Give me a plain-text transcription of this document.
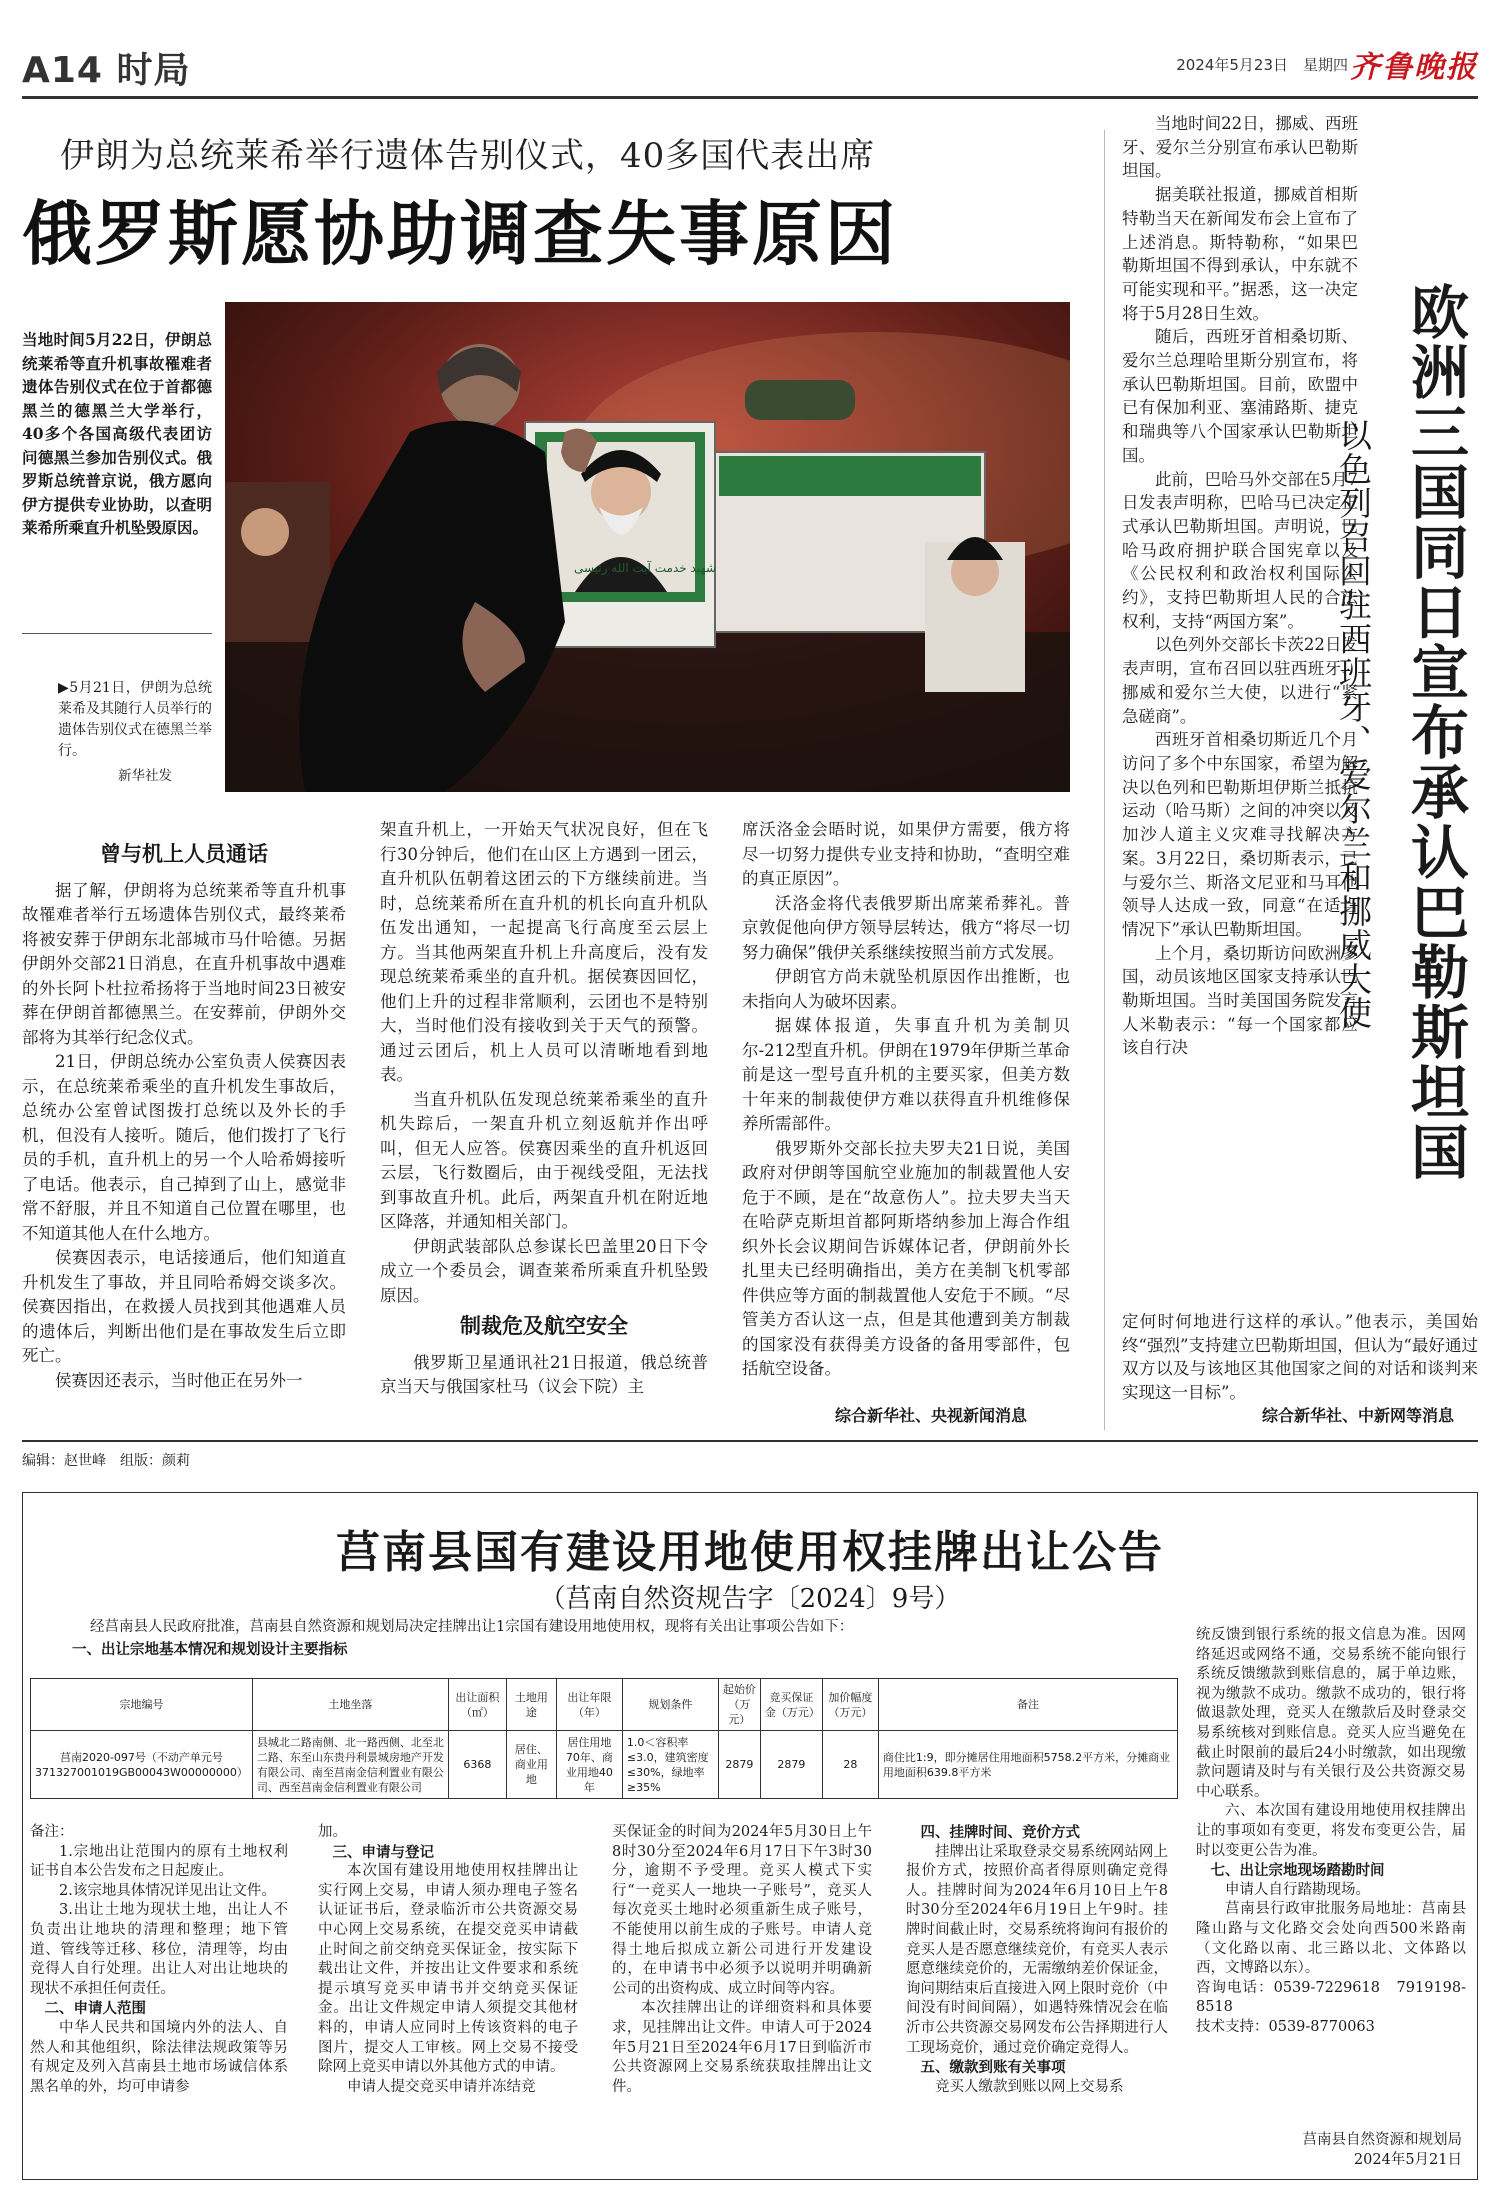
A14 时局	2024年5月23日　星期四 齐鲁晚报
伊朗为总统莱希举行遗体告别仪式，40多国代表出席
俄罗斯愿协助调查失事原因
شهید خدمت آیت الله رئیسی
当地时间5月22日，伊朗总统莱希等直升机事故罹难者遗体告别仪式在位于首都德黑兰的德黑兰大学举行，40多个各国高级代表团访问德黑兰参加告别仪式。俄罗斯总统普京说，俄方愿向伊方提供专业协助，以查明莱希所乘直升机坠毁原因。
▶5月21日，伊朗为总统莱希及其随行人员举行的遗体告别仪式在德黑兰举行。
新华社发

曾与机上人员通话

据了解，伊朗将为总统莱希等直升机事故罹难者举行五场遗体告别仪式，最终莱希将被安葬于伊朗东北部城市马什哈德。另据伊朗外交部21日消息，在直升机事故中遇难的外长阿卜杜拉希扬将于当地时间23日被安葬在伊朗首都德黑兰。在安葬前，伊朗外交部将为其举行纪念仪式。

21日，伊朗总统办公室负责人侯赛因表示，在总统莱希乘坐的直升机发生事故后，总统办公室曾试图拨打总统以及外长的手机，但没有人接听。随后，他们拨打了飞行员的手机，直升机上的另一个人哈希姆接听了电话。他表示，自己掉到了山上，感觉非常不舒服，并且不知道自己位置在哪里，也不知道其他人在什么地方。

侯赛因表示，电话接通后，他们知道直升机发生了事故，并且同哈希姆交谈多次。侯赛因指出，在救援人员找到其他遇难人员的遗体后，判断出他们是在事故发生后立即死亡。

侯赛因还表示，当时他正在另外一

架直升机上，一开始天气状况良好，但在飞行30分钟后，他们在山区上方遇到一团云，直升机队伍朝着这团云的下方继续前进。当时，总统莱希所在直升机的机长向直升机队伍发出通知，一起提高飞行高度至云层上方。当其他两架直升机上升高度后，没有发现总统莱希乘坐的直升机。据侯赛因回忆，他们上升的过程非常顺利，云团也不是特别大，当时他们没有接收到关于天气的预警。通过云团后，机上人员可以清晰地看到地表。

当直升机队伍发现总统莱希乘坐的直升机失踪后，一架直升机立刻返航并作出呼叫，但无人应答。侯赛因乘坐的直升机返回云层，飞行数圈后，由于视线受阻，无法找到事故直升机。此后，两架直升机在附近地区降落，并通知相关部门。

伊朗武装部队总参谋长巴盖里20日下令成立一个委员会，调查莱希所乘直升机坠毁原因。

制裁危及航空安全

俄罗斯卫星通讯社21日报道，俄总统普京当天与俄国家杜马（议会下院）主

席沃洛金会晤时说，如果伊方需要，俄方将尽一切努力提供专业支持和协助，“查明空难的真正原因”。

沃洛金将代表俄罗斯出席莱希葬礼。普京敦促他向伊方领导层转达，俄方“将尽一切努力确保”俄伊关系继续按照当前方式发展。

伊朗官方尚未就坠机原因作出推断，也未指向人为破坏因素。

据媒体报道，失事直升机为美制贝尔-212型直升机。伊朗在1979年伊斯兰革命前是这一型号直升机的主要买家，但美方数十年来的制裁使伊方难以获得直升机维修保养所需部件。

俄罗斯外交部长拉夫罗夫21日说，美国政府对伊朗等国航空业施加的制裁置他人安危于不顾，是在“故意伤人”。拉夫罗夫当天在哈萨克斯坦首都阿斯塔纳参加上海合作组织外长会议期间告诉媒体记者，伊朗前外长扎里夫已经明确指出，美方在美制飞机零部件供应等方面的制裁置他人安危于不顾。“尽管美方否认这一点，但是其他遭到美方制裁的国家没有获得美方设备的备用零部件，包括航空设备。

综合新华社、央视新闻消息

当地时间22日，挪威、西班牙、爱尔兰分别宣布承认巴勒斯坦国。

据美联社报道，挪威首相斯特勒当天在新闻发布会上宣布了上述消息。斯特勒称，“如果巴勒斯坦国不得到承认，中东就不可能实现和平。”据悉，这一决定将于5月28日生效。

随后，西班牙首相桑切斯、爱尔兰总理哈里斯分别宣布，将承认巴勒斯坦国。目前，欧盟中已有保加利亚、塞浦路斯、捷克和瑞典等八个国家承认巴勒斯坦国。

此前，巴哈马外交部在5月7日发表声明称，巴哈马已决定正式承认巴勒斯坦国。声明说，巴哈马政府拥护联合国宪章以及《公民权利和政治权利国际公约》，支持巴勒斯坦人民的合法权利，支持“两国方案”。

以色列外交部长卡茨22日发表声明，宣布召回以驻西班牙、挪威和爱尔兰大使，以进行“紧急磋商”。

西班牙首相桑切斯近几个月访问了多个中东国家，希望为解决以色列和巴勒斯坦伊斯兰抵抗运动（哈马斯）之间的冲突以及加沙人道主义灾难寻找解决方案。3月22日，桑切斯表示，已与爱尔兰、斯洛文尼亚和马耳他领导人达成一致，同意“在适当情况下”承认巴勒斯坦国。

上个月，桑切斯访问欧洲多国，动员该地区国家支持承认巴勒斯坦国。当时美国国务院发言人米勒表示：“每一个国家都应该自行决

定何时何地进行这样的承认。”他表示，美国始终“强烈”支持建立巴勒斯坦国，但认为“最好通过双方以及与该地区其他国家之间的对话和谈判来实现这一目标”。
综合新华社、中新网等消息
欧洲三国同日宣布承认巴勒斯坦国
以色列召回驻西班牙、爱尔兰和挪威大使
编辑：赵世峰　组版：颜莉
莒南县国有建设用地使用权挂牌出让公告
（莒南自然资规告字〔2024〕9号）
经莒南县人民政府批准，莒南县自然资源和规划局决定挂牌出让1宗国有建设用地使用权，现将有关出让事项公告如下：
一、出让宗地基本情况和规划设计主要指标
宗地编号	土地坐落	出让面积（㎡）	土地用途	出让年限（年）	规划条件	起始价（万元）	竞买保证金（万元）	加价幅度（万元）	备注
莒南2020-097号（不动产单元号371327001019GB00043W00000000）	县城北二路南侧、北一路西侧、北至北二路、东至山东贵丹利景城房地产开发有限公司、南至莒南金信利置业有限公司、西至莒南金信利置业有限公司	6368	居住、商业用地	居住用地70年、商业用地40年	1.0＜容积率≤3.0，建筑密度≤30%，绿地率≥35%	2879	2879	28	商住比1:9，即分摊居住用地面积5758.2平方米，分摊商业用地面积639.8平方米

备注：

1.宗地出让范围内的原有土地权利证书自本公告发布之日起废止。

2.该宗地具体情况详见出让文件。

3.出让土地为现状土地，出让人不负责出让地块的清理和整理；地下管道、管线等迁移、移位，清理等，均由竞得人自行处理。出让人对出让地块的现状不承担任何责任。

二、申请人范围

中华人民共和国境内外的法人、自然人和其他组织，除法律法规政策等另有规定及列入莒南县土地市场诚信体系黑名单的外，均可申请参

加。

三、申请与登记

本次国有建设用地使用权挂牌出让实行网上交易，申请人须办理电子签名认证证书后，登录临沂市公共资源交易中心网上交易系统，在提交竞买申请截止时间之前交纳竞买保证金，按实际下载出让文件，并按出让文件要求和系统提示填写竞买申请书并交纳竞买保证金。出让文件规定申请人须提交其他材料的，申请人应同时上传该资料的电子图片，提交人工审核。网上交易不接受除网上竞买申请以外其他方式的申请。

申请人提交竞买申请并冻结竞

买保证金的时间为2024年5月30日上午8时30分至2024年6月17日下午3时30分，逾期不予受理。竞买人模式下实行“一竞买人一地块一子账号”，竞买人每次竞买土地时必须重新生成子账号，不能使用以前生成的子账号。申请人竞得土地后拟成立新公司进行开发建设的，在申请书中必须予以说明并明确新公司的出资构成、成立时间等内容。

本次挂牌出让的详细资料和具体要求，见挂牌出让文件。申请人可于2024年5月21日至2024年6月17日到临沂市公共资源网上交易系统获取挂牌出让文件。

四、挂牌时间、竞价方式

挂牌出让采取登录交易系统网站网上报价方式，按照价高者得原则确定竞得人。挂牌时间为2024年6月10日上午8时30分至2024年6月19日上午9时。挂牌时间截止时，交易系统将询问有报价的竞买人是否愿意继续竞价，有竞买人表示愿意继续竞价的，无需缴纳差价保证金，询问期结束后直接进入网上限时竞价（中间没有时间间隔），如遇特殊情况会在临沂市公共资源交易网发布公告择期进行人工现场竞价，通过竞价确定竞得人。

五、缴款到账有关事项

竞买人缴款到账以网上交易系

统反馈到银行系统的报文信息为准。因网络延迟或网络不通，交易系统不能向银行系统反馈缴款到账信息的，属于单边账，视为缴款不成功。缴款不成功的，银行将做退款处理，竞买人在缴款后及时登录交易系统核对到账信息。竞买人应当避免在截止时限前的最后24小时缴款，如出现缴款问题请及时与有关银行及公共资源交易中心联系。

六、本次国有建设用地使用权挂牌出让的事项如有变更，将发布变更公告，届时以变更公告为准。

七、出让宗地现场踏勘时间

申请人自行踏勘现场。

莒南县行政审批服务局地址：莒南县隆山路与文化路交会处向西500米路南（文化路以南、北三路以北、文体路以西，文博路以东）。

咨询电话：0539-7229618　7919198-8518

技术支持：0539-8770063

莒南县自然资源和规划局
2024年5月21日
